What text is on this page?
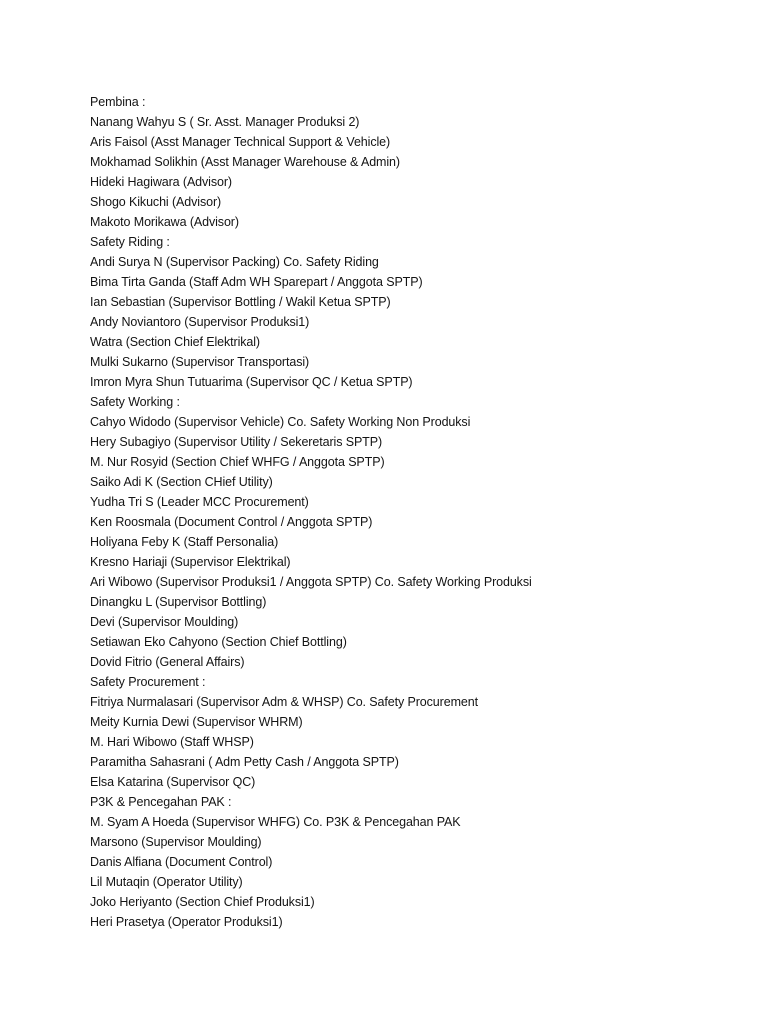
Pembina :
Nanang Wahyu S ( Sr. Asst. Manager Produksi 2)
Aris Faisol (Asst Manager Technical Support & Vehicle)
Mokhamad Solikhin (Asst Manager Warehouse & Admin)
Hideki Hagiwara (Advisor)
Shogo Kikuchi (Advisor)
Makoto Morikawa (Advisor)
Safety Riding :
Andi Surya N (Supervisor Packing) Co. Safety Riding
Bima Tirta Ganda (Staff Adm WH Sparepart / Anggota SPTP)
Ian Sebastian (Supervisor Bottling / Wakil Ketua SPTP)
Andy Noviantoro (Supervisor Produksi1)
Watra (Section Chief Elektrikal)
Mulki Sukarno (Supervisor Transportasi)
Imron Myra Shun Tutuarima (Supervisor QC / Ketua SPTP)
Safety Working :
Cahyo Widodo (Supervisor Vehicle) Co. Safety Working Non Produksi
Hery Subagiyo (Supervisor Utility / Sekeretaris SPTP)
M. Nur Rosyid (Section Chief WHFG / Anggota SPTP)
Saiko Adi K (Section CHief Utility)
Yudha Tri S (Leader MCC Procurement)
Ken Roosmala (Document Control / Anggota SPTP)
Holiyana Feby K (Staff Personalia)
Kresno Hariaji (Supervisor Elektrikal)
Ari Wibowo (Supervisor Produksi1 / Anggota SPTP) Co. Safety Working Produksi
Dinangku L (Supervisor Bottling)
Devi (Supervisor Moulding)
Setiawan Eko Cahyono (Section Chief Bottling)
Dovid Fitrio (General Affairs)
Safety Procurement :
Fitriya Nurmalasari (Supervisor Adm & WHSP) Co. Safety Procurement
Meity Kurnia Dewi (Supervisor WHRM)
M. Hari Wibowo (Staff WHSP)
Paramitha Sahasrani ( Adm Petty Cash / Anggota SPTP)
Elsa Katarina (Supervisor QC)
P3K & Pencegahan PAK :
M. Syam A Hoeda (Supervisor WHFG) Co. P3K & Pencegahan PAK
Marsono (Supervisor Moulding)
Danis Alfiana (Document Control)
Lil Mutaqin (Operator Utility)
Joko Heriyanto (Section Chief Produksi1)
Heri Prasetya (Operator Produksi1)
